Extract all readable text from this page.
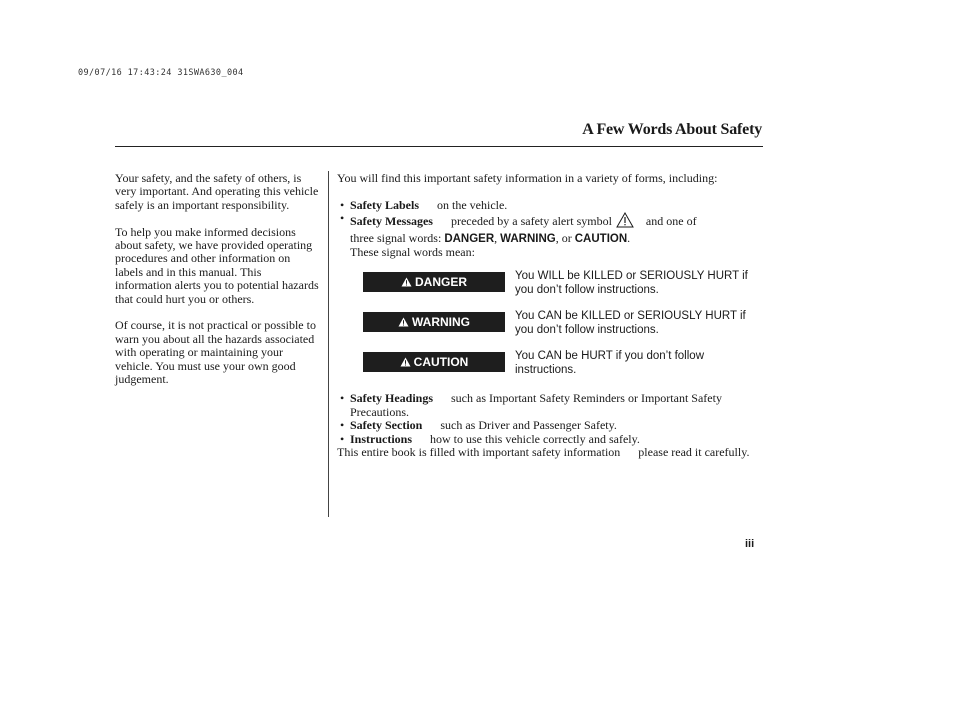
09/07/16 17:43:24 31SWA630_004
A Few Words About Safety

Your safety, and the safety of others, is very important. And operating this vehicle safely is an important responsibility.

To help you make informed decisions about safety, we have provided operating procedures and other information on labels and in this manual. This information alerts you to potential hazards that could hurt you or others.

Of course, it is not practical or possible to warn you about all the hazards associated with operating or maintaining your vehicle. You must use your own good judgement.

You will find this important safety information in a variety of forms, including:

• Safety Labels on the vehicle.
• Safety Messages preceded by a safety alert symbol	and one of
three signal words: DANGER, WARNING, or CAUTION.
These signal words mean:
DANGER	You WILL be KILLED or SERIOUSLY HURT if you don’t follow instructions.
WARNING	You CAN be KILLED or SERIOUSLY HURT if you don’t follow instructions.
CAUTION	You CAN be HURT if you don’t follow instructions.
• Safety Headings such as Important Safety Reminders or Important Safety Precautions.
• Safety Section such as Driver and Passenger Safety.
• Instructions how to use this vehicle correctly and safely.

This entire book is filled with important safety information please read it carefully.

iii
